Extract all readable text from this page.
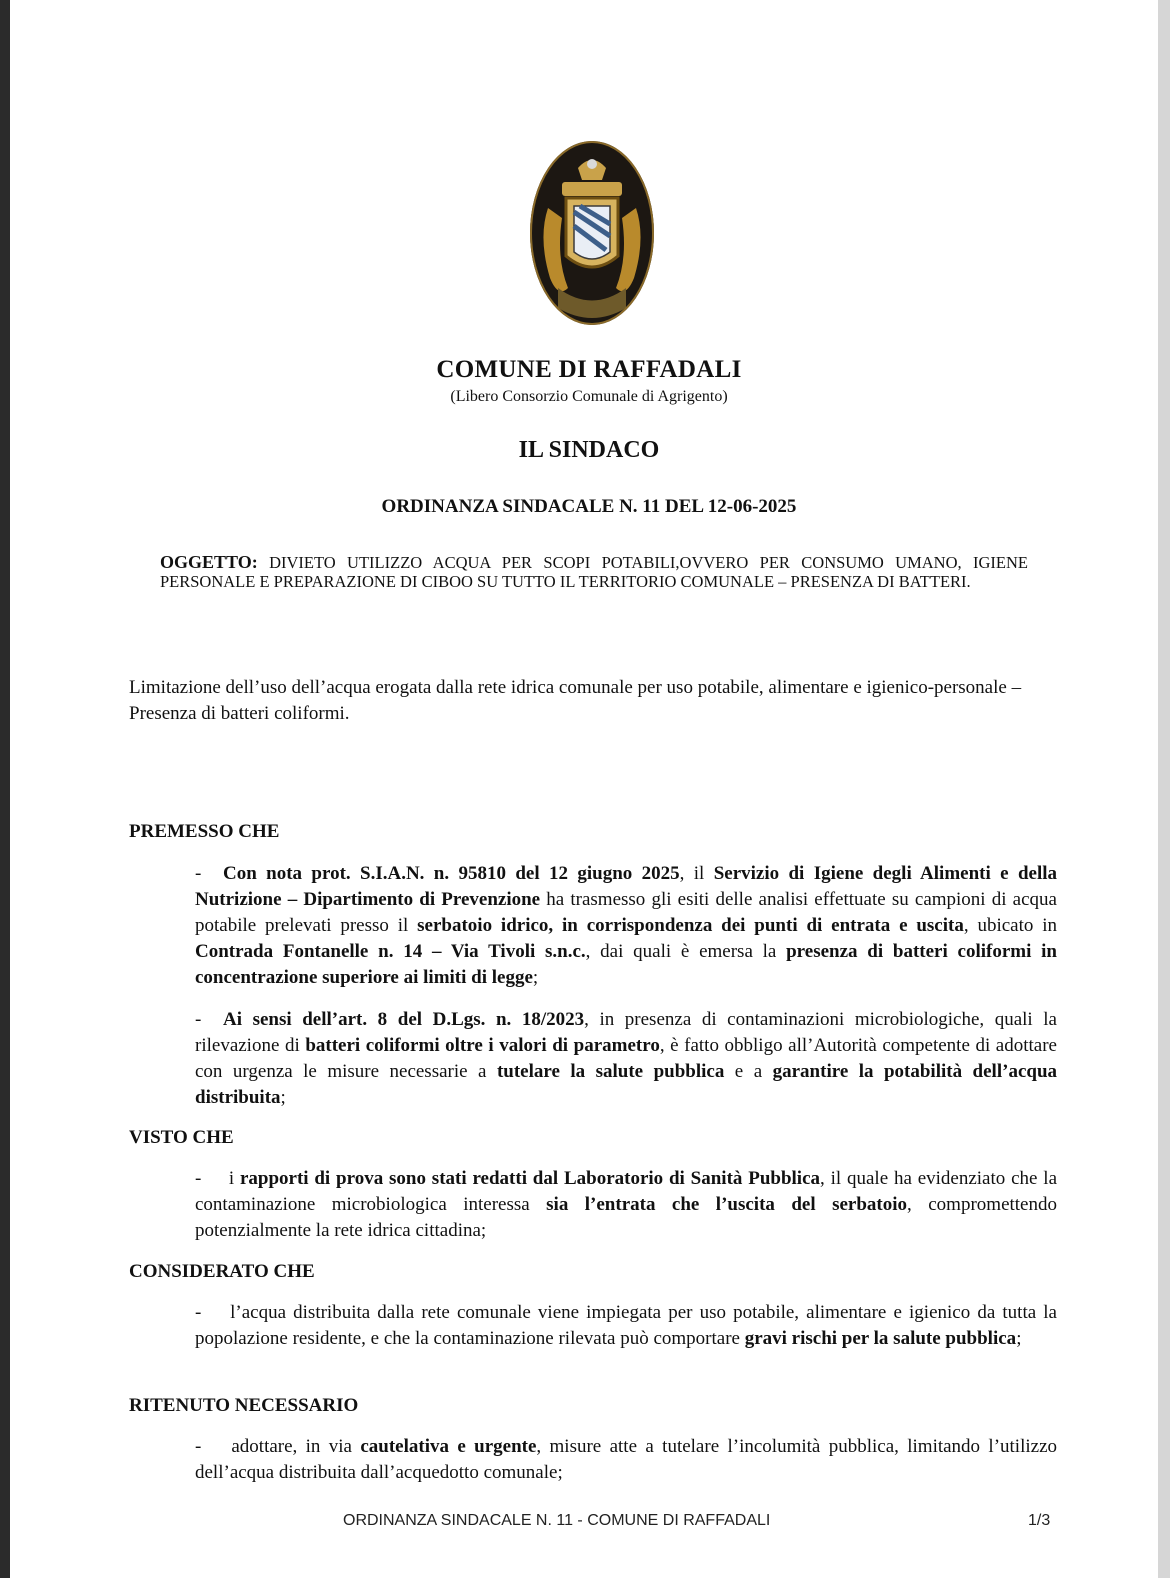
COMUNE DI RAFFADALI
(Libero Consorzio Comunale di Agrigento)
IL SINDACO
ORDINANZA SINDACALE N. 11 DEL 12-06-2025
OGGETTO: DIVIETO UTILIZZO ACQUA PER SCOPI POTABILI,OVVERO PER CONSUMO UMANO, IGIENE PERSONALE E PREPARAZIONE DI CIBOO SU TUTTO IL TERRITORIO COMUNALE – PRESENZA DI BATTERI.
Limitazione dell’uso dell’acqua erogata dalla rete idrica comunale per uso potabile, alimentare e igienico-personale – Presenza di batteri coliformi.
PREMESSO CHE
- Con nota prot. S.I.A.N. n. 95810 del 12 giugno 2025, il Servizio di Igiene degli Alimenti e della Nutrizione – Dipartimento di Prevenzione ha trasmesso gli esiti delle analisi effettuate su campioni di acqua potabile prelevati presso il serbatoio idrico, in corrispondenza dei punti di entrata e uscita, ubicato in Contrada Fontanelle n. 14 – Via Tivoli s.n.c., dai quali è emersa la presenza di batteri coliformi in concentrazione superiore ai limiti di legge;
- Ai sensi dell’art. 8 del D.Lgs. n. 18/2023, in presenza di contaminazioni microbiologiche, quali la rilevazione di batteri coliformi oltre i valori di parametro, è fatto obbligo all’Autorità competente di adottare con urgenza le misure necessarie a tutelare la salute pubblica e a garantire la potabilità dell’acqua distribuita;
VISTO CHE
- i rapporti di prova sono stati redatti dal Laboratorio di Sanità Pubblica, il quale ha evidenziato che la contaminazione microbiologica interessa sia l’entrata che l’uscita del serbatoio, compromettendo potenzialmente la rete idrica cittadina;
CONSIDERATO CHE
- l’acqua distribuita dalla rete comunale viene impiegata per uso potabile, alimentare e igienico da tutta la popolazione residente, e che la contaminazione rilevata può comportare gravi rischi per la salute pubblica;
RITENUTO NECESSARIO
- adottare, in via cautelativa e urgente, misure atte a tutelare l’incolumità pubblica, limitando l’utilizzo dell’acqua distribuita dall’acquedotto comunale;
ORDINANZA SINDACALE N. 11 - COMUNE DI RAFFADALI	1/3
